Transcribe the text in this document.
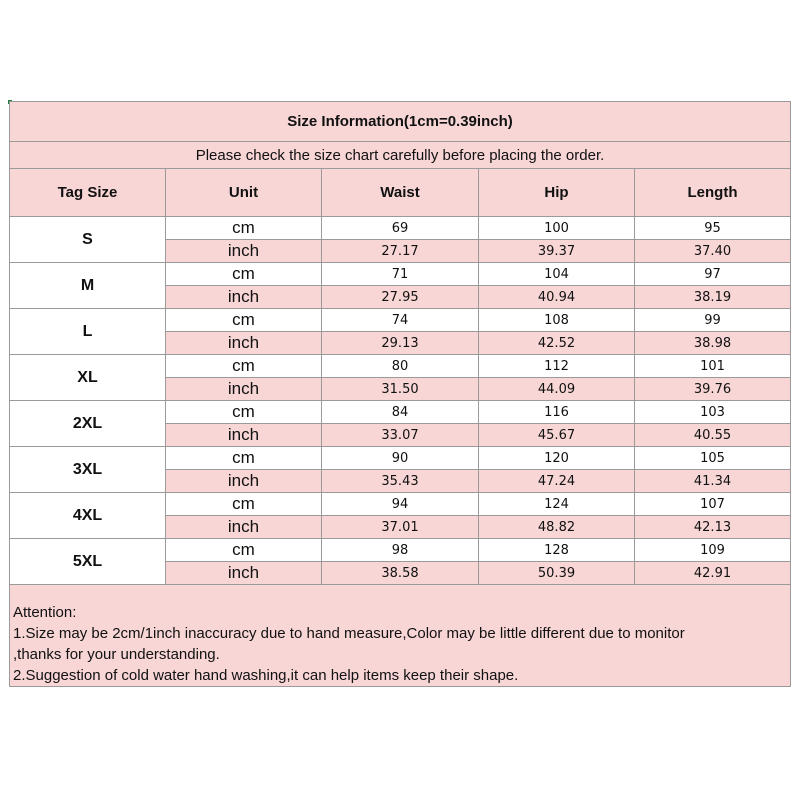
Size Information(1cm=0.39inch)				
Please check the size chart carefully before placing the order.				
Tag Size	Unit	Waist	Hip	Length
S	cm	69	100	95
	inch	27.17	39.37	37.40
M	cm	71	104	97
	inch	27.95	40.94	38.19
L	cm	74	108	99
	inch	29.13	42.52	38.98
XL	cm	80	112	101
	inch	31.50	44.09	39.76
2XL	cm	84	116	103
	inch	33.07	45.67	40.55
3XL	cm	90	120	105
	inch	35.43	47.24	41.34
4XL	cm	94	124	107
	inch	37.01	48.82	42.13
5XL	cm	98	128	109
	inch	38.58	50.39	42.91

Attention:
1.Size may be 2cm/1inch inaccuracy due to hand measure,Color may be little different due to monitor
,thanks for your understanding.
2.Suggestion of cold water hand washing,it can help items keep their shape.				
